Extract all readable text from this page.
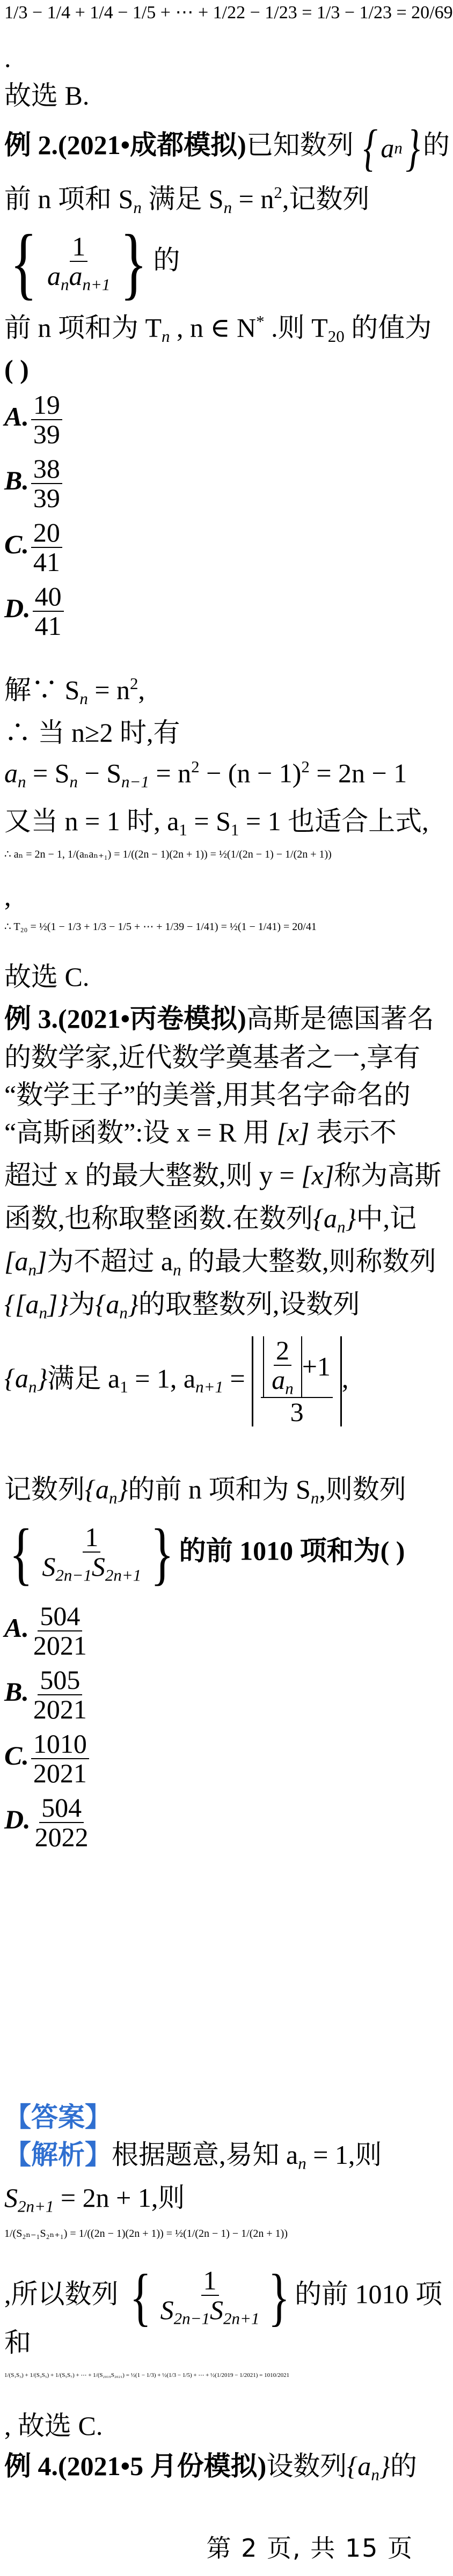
1/3 − 1/4 + 1/4 − 1/5 + ⋯ + 1/22 − 1/23 = 1/3 − 1/23 = 20/69
.
故选 B.
例 2.(2021•成都模拟)已知数列 { a n } 的
前 n 项和 $S_n$ 满足 $S_n = n^2$,记数列
{ $\frac{1}{a_na_{n+1}}$ } 的
前 n 项和为 $T_n$ , n ∈ N* .则 $T_{20}$ 的值为
( )
A. $\frac{19}{39}$
B. $\frac{38}{39}$
C. $\frac{20}{41}$
D. $\frac{40}{41}$
解∵ $S_n = n^2$,
∴ 当 n≥2 时,有
$a_n = S_n - S_{n-1} = n^2 - (n - 1)^2 = 2n - 1$
又当 n = 1 时, $a_1 = S_1 = 1$ 也适合上式,
∴ aₙ = 2n − 1, 1/(aₙaₙ₊₁) = 1/((2n − 1)(2n + 1)) = ½(1/(2n − 1) − 1/(2n + 1))
,
∴ T₂₀ = ½(1 − 1/3 + 1/3 − 1/5 + ⋯ + 1/39 − 1/41) = ½(1 − 1/41) = 20/41
故选 C.
例 3.(2021•丙卷模拟)高斯是德国著名
的数学家,近代数学奠基者之一,享有
“数学王子”的美誉,用其名字命名的
“高斯函数”:设 x = R 用 [x] 表示不
超过 x 的最大整数,则 y = [x]称为高斯
函数,也称取整函数.在数列$\{a_n\}$中,记
$[a_n]$为不超过 $a_n$ 的最大整数,则称数列
$\{[a_n]\}$为$\{a_n\}$的取整数列,设数列
$\{a_n\}$满足 $a_1 = 1$, $a_{n+1} = \frac{\frac{2}{a_n} +1}{3}$ ,
记数列$\{a_n\}$的前 n 项和为 $S_n$,则数列
{ $\frac{1}{S_{2n-1}S_{2n+1}}$ } 的前 1010 项和为( )
A. $\frac{504}{2021}$
B. $\frac{505}{2021}$
C. $\frac{1010}{2021}$
D. $\frac{504}{2022}$
【答案】
【解析】根据题意,易知 $a_n = 1$,则
$S_{2n+1} = 2n + 1$,则
1/(S₂ₙ₋₁S₂ₙ₊₁) = 1/((2n − 1)(2n + 1)) = ½(1/(2n − 1) − 1/(2n + 1))
,所以数列 { $\frac{1}{S_{2n-1}S_{2n+1}}$ } 的前 1010 项
和
1/(S₁S₃) + 1/(S₃S₅) + 1/(S₅S₇) + ⋯ + 1/(S₂₀₁₉S₂₀₂₁) = ½(1 − 1/3) + ½(1/3 − 1/5) + ⋯ + ½(1/2019 − 1/2021) = 1010/2021
, 故选 C.
例 4.(2021•5 月份模拟)设数列$\{a_n\}$的
第 2 页, 共 15 页
